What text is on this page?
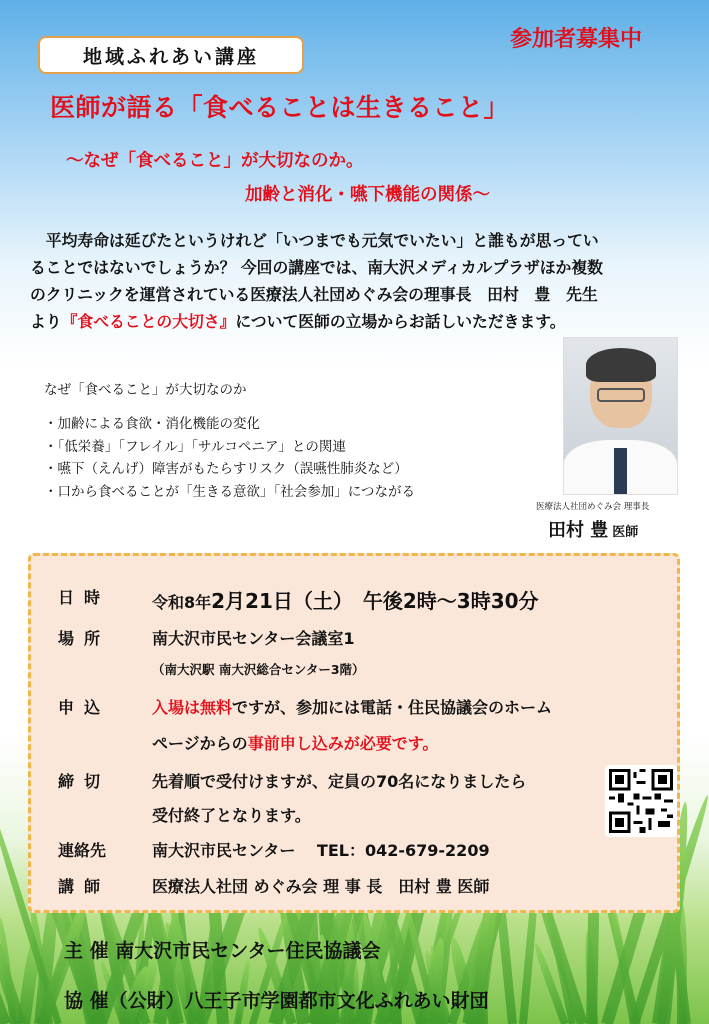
地域ふれあい講座
参加者募集中
医師が語る「食べることは生きること」
～なぜ「食べること」が大切なのか。
加齢と消化・嚥下機能の関係～
　平均寿命は延びたというけれど「いつまでも元気でいたい」と誰もが思ってい
ることではないでしょうか？ 今回の講座では、南大沢メディカルプラザほか複数
のクリニックを運営されている医療法人社団めぐみ会の理事長　田村　豊　先生
より『食べることの大切さ』について医師の立場からお話しいただきます。
なぜ「食べること」が大切なのか
・加齢による食欲・消化機能の変化
・「低栄養」「フレイル」「サルコペニア」との関連
・嚥下（えんげ）障害がもたらすリスク（誤嚥性肺炎など）
・口から食べることが「生きる意欲」「社会参加」につながる
医療法人社団めぐみ会 理事長
田村 豊 医師
日時	令和8年2月21日（土） 午後2時～3時30分
場所	南大沢市民センター会議室1
（南大沢駅 南大沢総合センター3階）
申込	入場は無料ですが、参加には電話・住民協議会のホーム
ページからの事前申し込みが必要です。
締切	先着順で受付けますが、定員の70名になりましたら
受付終了となります。
連絡先	南大沢市民センター　 TEL：042-679-2209
講師	医療法人社団 めぐみ会 理 事 長　田村 豊 医師
主 催 南大沢市民センター住民協議会
協 催（公財）八王子市学園都市文化ふれあい財団
